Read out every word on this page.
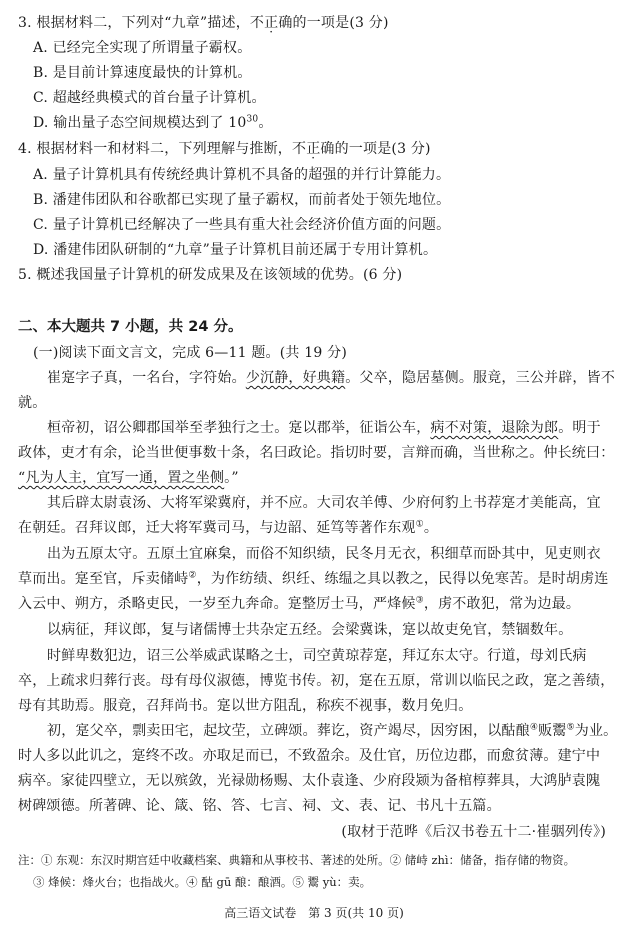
3. 根据材料二，下列对“九章”描述，不正确的一项是(3 分)
A. 已经完全实现了所谓量子霸权。
B. 是目前计算速度最快的计算机。
C. 超越经典模式的首台量子计算机。
D. 输出量子态空间规模达到了 $10^{30}$。
4. 根据材料一和材料二，下列理解与推断，不正确的一项是(3 分)
A. 量子计算机具有传统经典计算机不具备的超强的并行计算能力。
B. 潘建伟团队和谷歌都已实现了量子霸权，而前者处于领先地位。
C. 量子计算机已经解决了一些具有重大社会经济价值方面的问题。
D. 潘建伟团队研制的“九章”量子计算机目前还属于专用计算机。
5. 概述我国量子计算机的研发成果及在该领域的优势。(6 分)
二、本大题共 7 小题，共 24 分。
(一)阅读下面文言文，完成 6—11 题。(共 19 分)
崔寔字子真，一名台，字符始。少沉静，好典籍。父卒，隐居墓侧。服竟，三公并辟，皆不
就。
桓帝初，诏公卿郡国举至孝独行之士。寔以郡举，征诣公车，病不对策，退除为郎。明于
政体，吏才有余，论当世便事数十条，名曰政论。指切时要，言辩而确，当世称之。仲长统曰：
“凡为人主，宜写一通，置之坐侧。”
其后辟太尉袁汤、大将军梁冀府，并不应。大司农羊傅、少府何豹上书荐寔才美能高，宜
在朝廷。召拜议郎，迁大将军冀司马，与边韶、延笃等著作东观①。
出为五原太守。五原土宜麻枲，而俗不知织绩，民冬月无衣，积细草而卧其中，见吏则衣
草而出。寔至官，斥卖储峙②，为作纺绩、织纴、练缊之具以教之，民得以免寒苦。是时胡虏连
入云中、朔方，杀略吏民，一岁至九奔命。寔整厉士马，严烽候③，虏不敢犯，常为边最。
以病征，拜议郎，复与诸儒博士共杂定五经。会梁冀诛，寔以故吏免官，禁锢数年。
时鲜卑数犯边，诏三公举威武谋略之士，司空黄琼荐寔，拜辽东太守。行道，母刘氏病
卒，上疏求归葬行丧。母有母仪淑德，博览书传。初，寔在五原，常训以临民之政，寔之善绩，
母有其助焉。服竟，召拜尚书。寔以世方阻乱，称疾不视事，数月免归。
初，寔父卒，剽卖田宅，起坟茔，立碑颂。葬讫，资产竭尽，因穷困，以酤酿④贩鬻⑤为业。
时人多以此讥之，寔终不改。亦取足而已，不致盈余。及仕官，历位边郡，而愈贫薄。建宁中
病卒。家徒四壁立，无以殡敛，光禄勋杨赐、太仆袁逢、少府段颎为备棺椁葬具，大鸿胪袁隗
树碑颂德。所著碑、论、箴、铭、答、七言、祠、文、表、记、书凡十五篇。
(取材于范晔《后汉书卷五十二·崔骃列传》)
注：① 东观：东汉时期宫廷中收藏档案、典籍和从事校书、著述的处所。② 储峙 zhì：储备，指存储的物资。
③ 烽候：烽火台；也指战火。④ 酤 gū 酿：酿酒。⑤ 鬻 yù：卖。
高三语文试卷　第 3 页(共 10 页)
